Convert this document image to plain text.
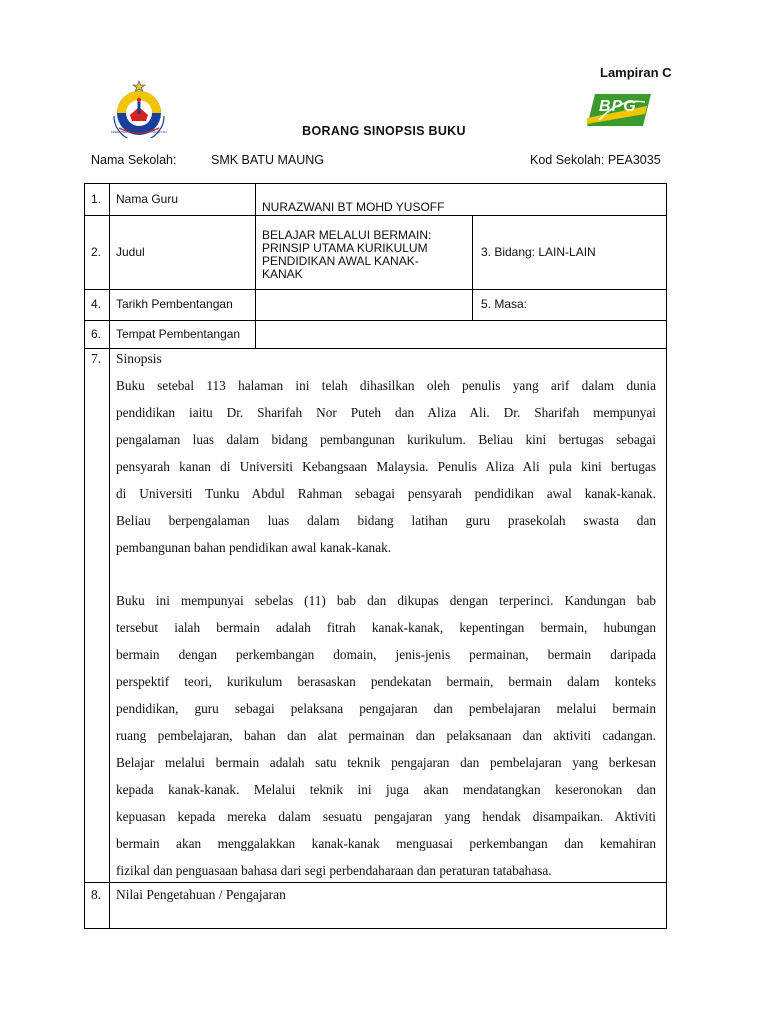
Lampiran C
KEMENTERIAN PENDIDIKAN MALAYSIA
BPG
BORANG SINOPSIS BUKU
Nama Sekolah:	SMK BATU MAUNG	Kod Sekolah: PEA3035
1. Nama Guru
NURAZWANI BT MOHD YUSOFF
2. Judul
BELAJAR MELALUI BERMAIN:
PRINSIP UTAMA KURIKULUM
PENDIDIKAN AWAL KANAK-
KANAK
3. Bidang: LAIN-LAIN
4. Tarikh Pembentangan	5. Masa:
6. Tempat Pembentangan
7. Sinopsis
Buku setebal 113 halaman ini telah dihasilkan oleh penulis yang arif dalam dunia
pendidikan iaitu Dr. Sharifah Nor Puteh dan Aliza Ali. Dr. Sharifah mempunyai
pengalaman luas dalam bidang pembangunan kurikulum. Beliau kini bertugas sebagai
pensyarah kanan di Universiti Kebangsaan Malaysia. Penulis Aliza Ali pula kini bertugas
di Universiti Tunku Abdul Rahman sebagai pensyarah pendidikan awal kanak-kanak.
Beliau berpengalaman luas dalam bidang latihan guru prasekolah swasta dan
pembangunan bahan pendidikan awal kanak-kanak.
Buku ini mempunyai sebelas (11) bab dan dikupas dengan terperinci. Kandungan bab
tersebut ialah bermain adalah fitrah kanak-kanak, kepentingan bermain, hubungan
bermain dengan perkembangan domain, jenis-jenis permainan, bermain daripada
perspektif teori, kurikulum berasaskan pendekatan bermain, bermain dalam konteks
pendidikan, guru sebagai pelaksana pengajaran dan pembelajaran melalui bermain
ruang pembelajaran, bahan dan alat permainan dan pelaksanaan dan aktiviti cadangan.
Belajar melalui bermain adalah satu teknik pengajaran dan pembelajaran yang berkesan
kepada kanak-kanak. Melalui teknik ini juga akan mendatangkan keseronokan dan
kepuasan kepada mereka dalam sesuatu pengajaran yang hendak disampaikan. Aktiviti
bermain akan menggalakkan kanak-kanak menguasai perkembangan dan kemahiran
fizikal dan penguasaan bahasa dari segi perbendaharaan dan peraturan tatabahasa.
8. Nilai Pengetahuan / Pengajaran
